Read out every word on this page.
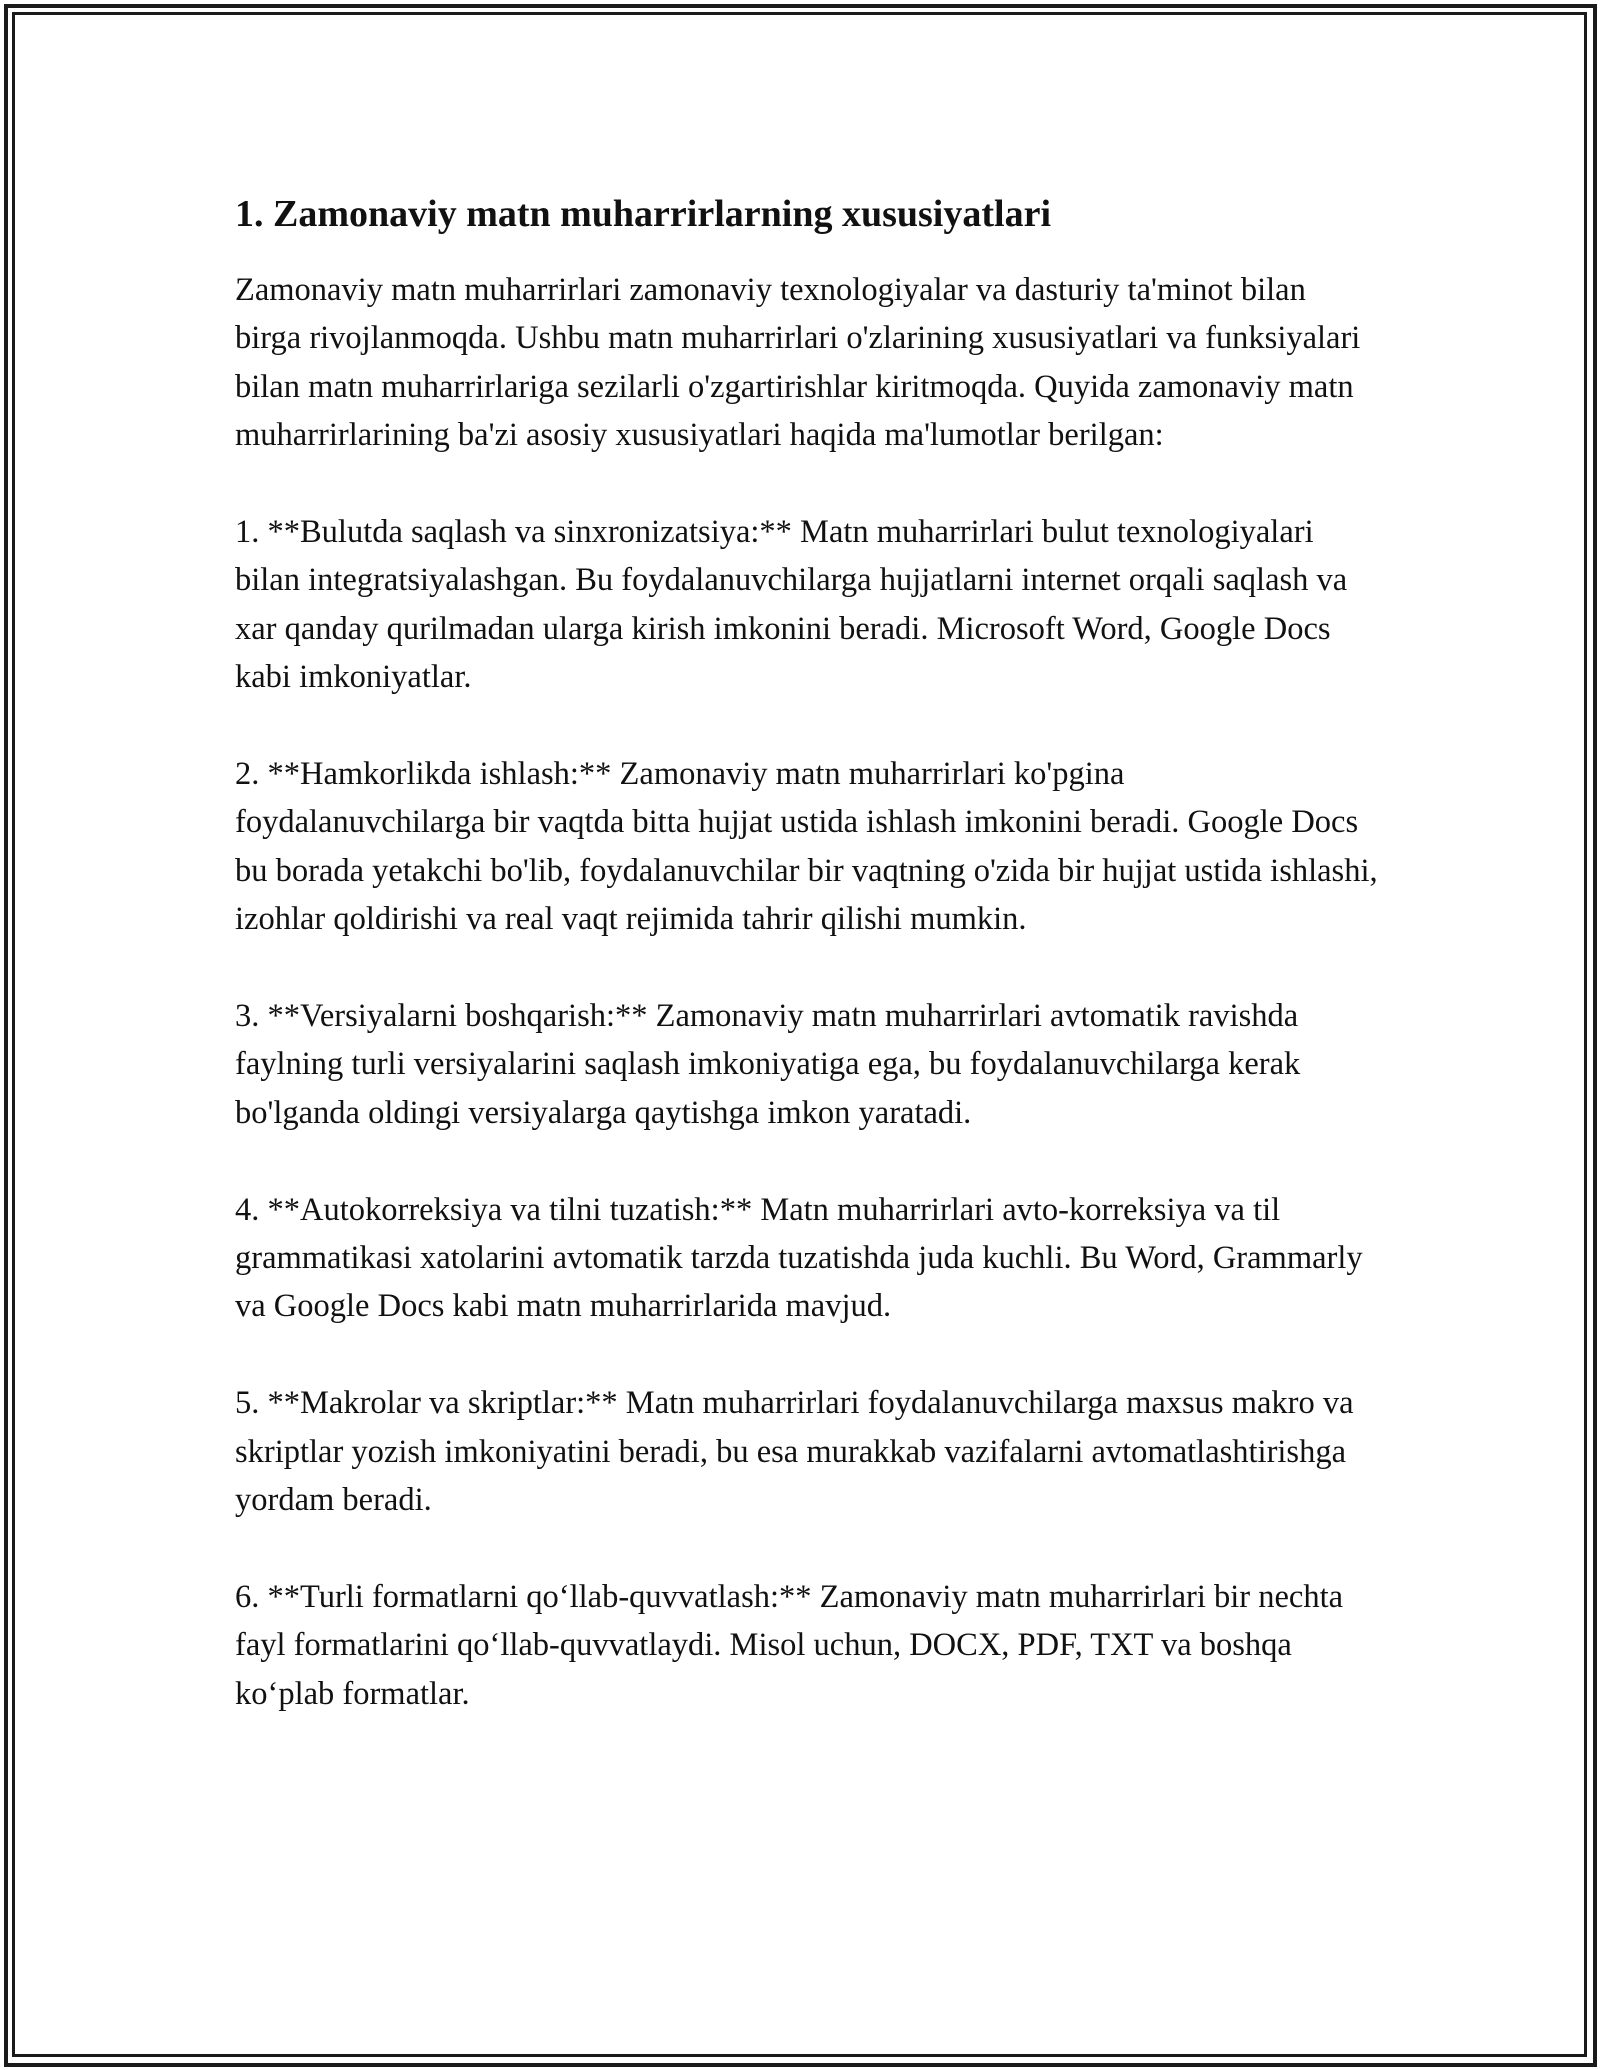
1. Zamonaviy matn muharrirlarning xususiyatlari

Zamonaviy matn muharrirlari zamonaviy texnologiyalar va dasturiy ta'minot bilan birga rivojlanmoqda. Ushbu matn muharrirlari o'zlarining xususiyatlari va funksiyalari bilan matn muharrirlariga sezilarli o'zgartirishlar kiritmoqda. Quyida zamonaviy matn muharrirlarining ba'zi asosiy xususiyatlari haqida ma'lumotlar berilgan:

1. **Bulutda saqlash va sinxronizatsiya:** Matn muharrirlari bulut texnologiyalari bilan integratsiyalashgan. Bu foydalanuvchilarga hujjatlarni internet orqali saqlash va xar qanday qurilmadan ularga kirish imkonini beradi. Microsoft Word, Google Docs kabi imkoniyatlar.

2. **Hamkorlikda ishlash:** Zamonaviy matn muharrirlari ko'pgina foydalanuvchilarga bir vaqtda bitta hujjat ustida ishlash imkonini beradi. Google Docs bu borada yetakchi bo'lib, foydalanuvchilar bir vaqtning o'zida bir hujjat ustida ishlashi, izohlar qoldirishi va real vaqt rejimida tahrir qilishi mumkin.

3. **Versiyalarni boshqarish:** Zamonaviy matn muharrirlari avtomatik ravishda faylning turli versiyalarini saqlash imkoniyatiga ega, bu foydalanuvchilarga kerak bo'lganda oldingi versiyalarga qaytishga imkon yaratadi.

4. **Autokorreksiya va tilni tuzatish:** Matn muharrirlari avto-korreksiya va til grammatikasi xatolarini avtomatik tarzda tuzatishda juda kuchli. Bu Word, Grammarly va Google Docs kabi matn muharrirlarida mavjud.

5. **Makrolar va skriptlar:** Matn muharrirlari foydalanuvchilarga maxsus makro va skriptlar yozish imkoniyatini beradi, bu esa murakkab vazifalarni avtomatlashtirishga yordam beradi.

6. **Turli formatlarni qo‘llab-quvvatlash:** Zamonaviy matn muharrirlari bir nechta fayl formatlarini qo‘llab-quvvatlaydi. Misol uchun, DOCX, PDF, TXT va boshqa ko‘plab formatlar.
